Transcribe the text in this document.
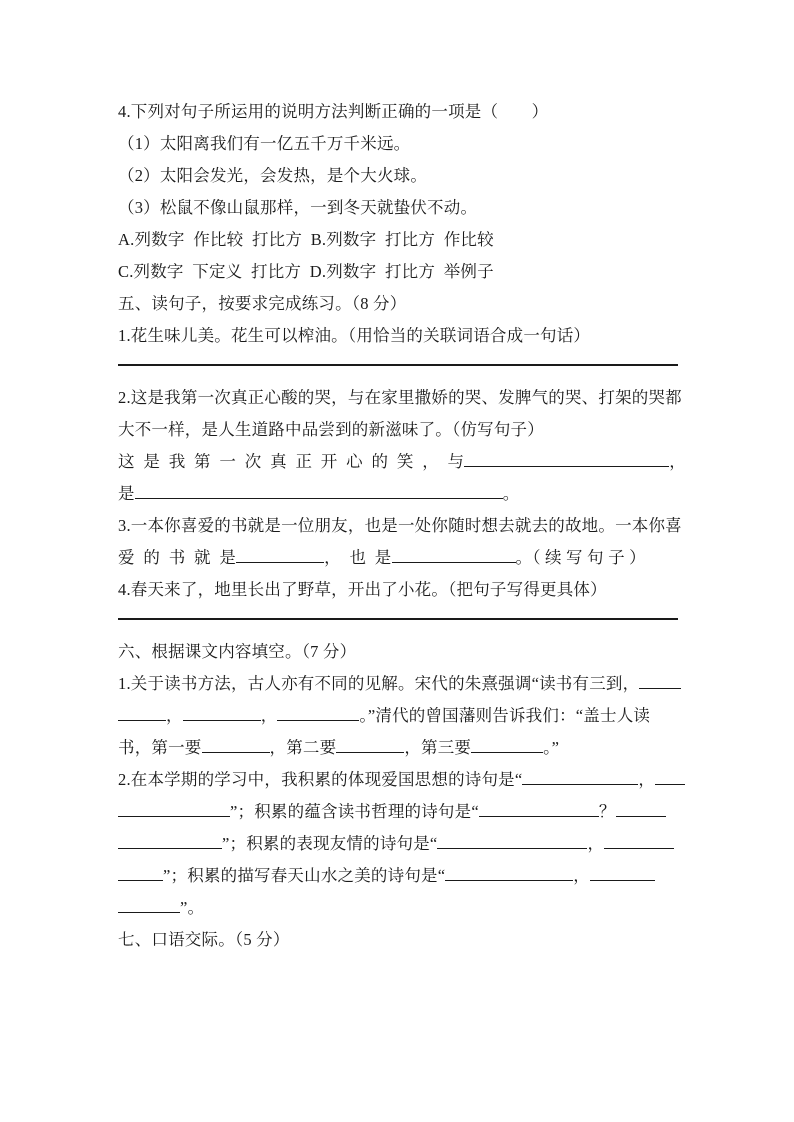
4.下列对句子所运用的说明方法判断正确的一项是（　　）
（1）太阳离我们有一亿五千万千米远。
（2）太阳会发光，会发热，是个大火球。
（3）松鼠不像山鼠那样，一到冬天就蛰伏不动。
A.列数字  作比较  打比方  B.列数字  打比方  作比较
C.列数字  下定义  打比方  D.列数字  打比方  举例子
五、读句子，按要求完成练习。（8 分）
1.花生味儿美。花生可以榨油。（用恰当的关联词语合成一句话）
2.这是我第一次真正心酸的哭，与在家里撒娇的哭、发脾气的哭、打架的哭都
大不一样，是人生道路中品尝到的新滋味了。（仿写句子）
这  是  我  第  一  次  真  正  开  心  的  笑  ，  与	，
是	。
3.一本你喜爱的书就是一位朋友，也是一处你随时想去就去的故地。一本你喜
爱  的  书  就  是	，  也  是	。（ 续 写 句 子 ）
4.春天来了，地里长出了野草，开出了小花。（把句子写得更具体）
六、根据课文内容填空。（7 分）
1.关于读书方法，古人亦有不同的见解。宋代的朱熹强调“读书有三到，
，	，	。”清代的曾国藩则告诉我们：“盖士人读
书，第一要	，第二要	，第三要	。”
2.在本学期的学习中，我积累的体现爱国思想的诗句是“	，
”；积累的蕴含读书哲理的诗句是“	？
”；积累的表现友情的诗句是“	，
”；积累的描写春天山水之美的诗句是“	，
”。
七、口语交际。（5 分）
